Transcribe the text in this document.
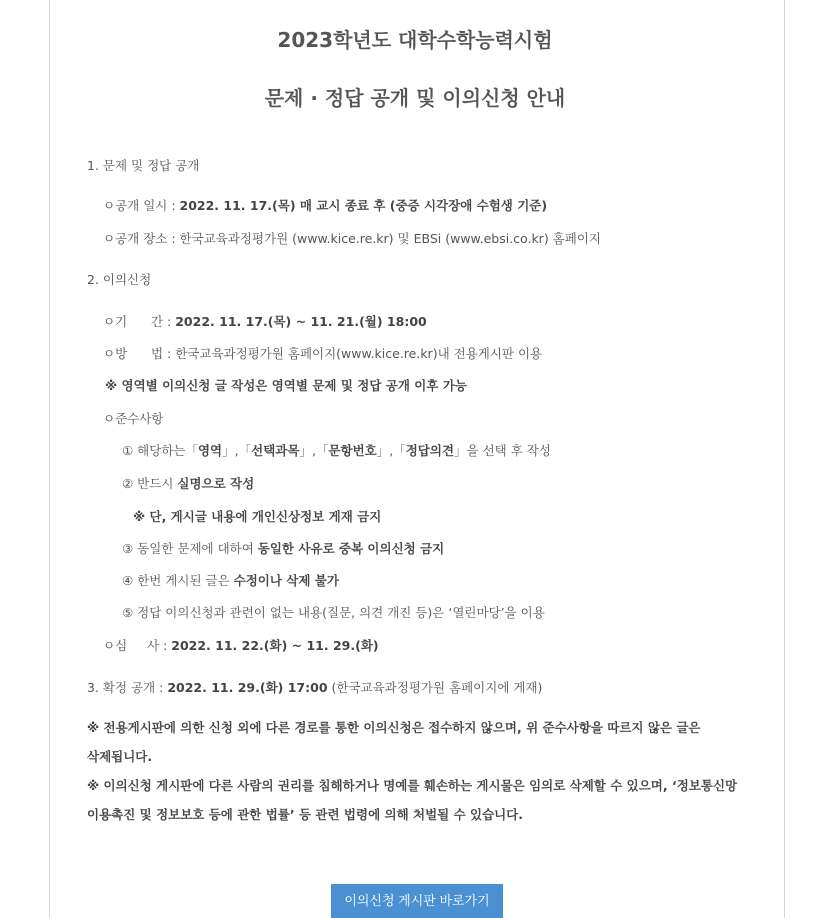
2023학년도 대학수학능력시험
문제 · 정답 공개 및 이의신청 안내
1. 문제 및 정답 공개
ㅇ공개 일시 : 2022. 11. 17.(목) 매 교시 종료 후 (중증 시각장애 수험생 기준)
ㅇ공개 장소 : 한국교육과정평가원 (www.kice.re.kr) 및 EBSi (www.ebsi.co.kr) 홈페이지
2. 이의신청
ㅇ기      간 : 2022. 11. 17.(목) ~ 11. 21.(월) 18:00
ㅇ방      법 : 한국교육과정평가원 홈페이지(www.kice.re.kr)내 전용게시판 이용
※ 영역별 이의신청 글 작성은 영역별 문제 및 정답 공개 이후 가능
ㅇ준수사항
① 해당하는「영역」,「선택과목」,「문항번호」,「정답의견」을 선택 후 작성
② 반드시 실명으로 작성
※ 단, 게시글 내용에 개인신상정보 게재 금지
③ 동일한 문제에 대하여 동일한 사유로 중복 이의신청 금지
④ 한번 게시된 글은 수정이나 삭제 불가
⑤ 정답 이의신청과 관련이 없는 내용(질문, 의견 개진 등)은 ‘열린마당’을 이용
ㅇ심     사 : 2022. 11. 22.(화) ~ 11. 29.(화)
3. 확정 공개 : 2022. 11. 29.(화) 17:00 (한국교육과정평가원 홈페이지에 게재)
※ 전용게시판에 의한 신청 외에 다른 경로를 통한 이의신청은 접수하지 않으며, 위 준수사항을 따르지 않은 글은
삭제됩니다.
※ 이의신청 게시판에 다른 사람의 권리를 침해하거나 명예를 훼손하는 게시물은 임의로 삭제할 수 있으며, ‘정보통신망
이용촉진 및 정보보호 등에 관한 법률’ 등 관련 법령에 의해 처벌될 수 있습니다.
이의신청 게시판 바로가기
